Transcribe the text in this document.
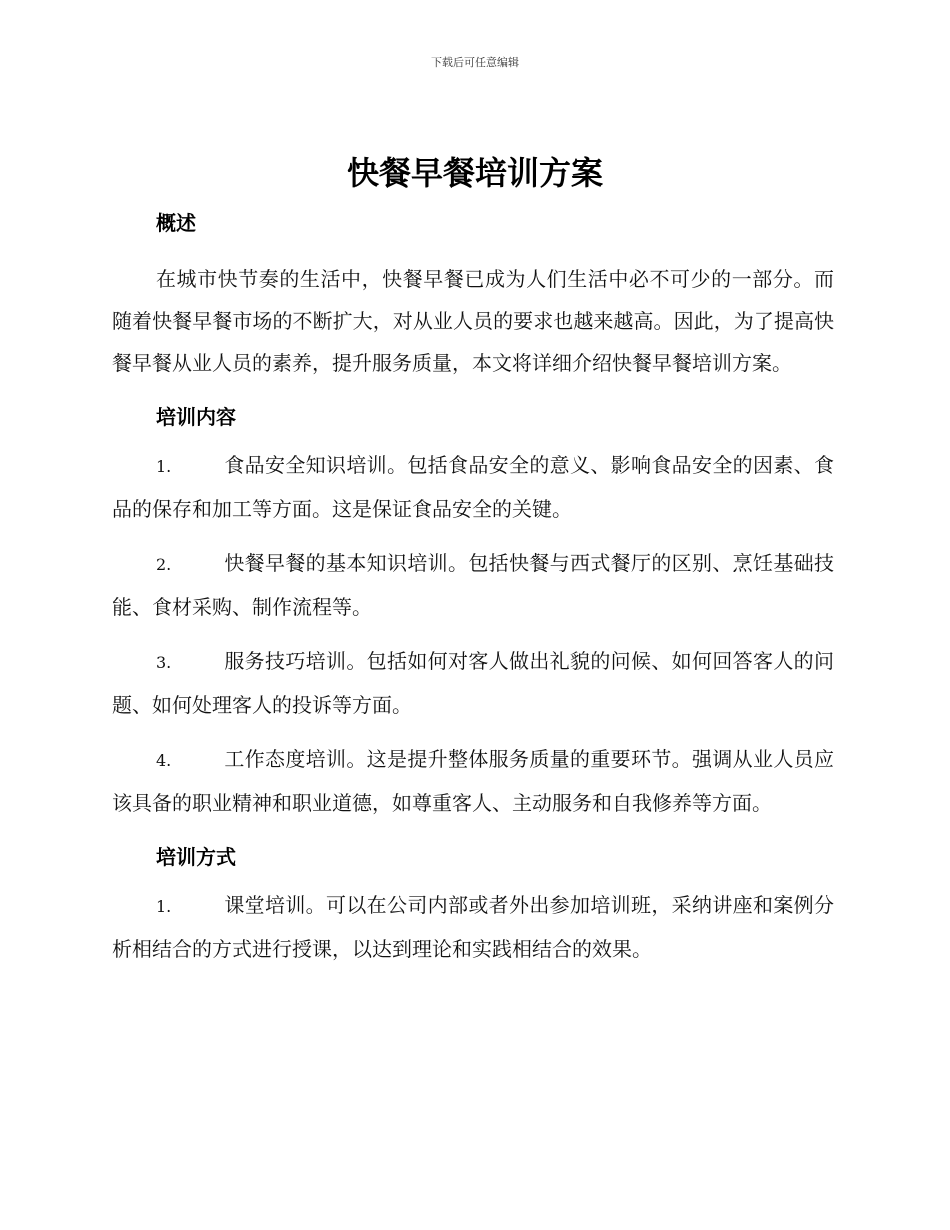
下载后可任意编辑
快餐早餐培训方案
概述

在城市快节奏的生活中，快餐早餐已成为人们生活中必不可少的一部分。而随着快餐早餐市场的不断扩大，对从业人员的要求也越来越高。因此，为了提高快餐早餐从业人员的素养，提升服务质量，本文将详细介绍快餐早餐培训方案。

培训内容

1.	食品安全知识培训。包括食品安全的意义、影响食品安全的因素、食品的保存和加工等方面。这是保证食品安全的关键。

2.	快餐早餐的基本知识培训。包括快餐与西式餐厅的区别、烹饪基础技能、食材采购、制作流程等。

3.	服务技巧培训。包括如何对客人做出礼貌的问候、如何回答客人的问题、如何处理客人的投诉等方面。

4.	工作态度培训。这是提升整体服务质量的重要环节。强调从业人员应该具备的职业精神和职业道德，如尊重客人、主动服务和自我修养等方面。

培训方式

1.	课堂培训。可以在公司内部或者外出参加培训班，采纳讲座和案例分析相结合的方式进行授课，以达到理论和实践相结合的效果。
